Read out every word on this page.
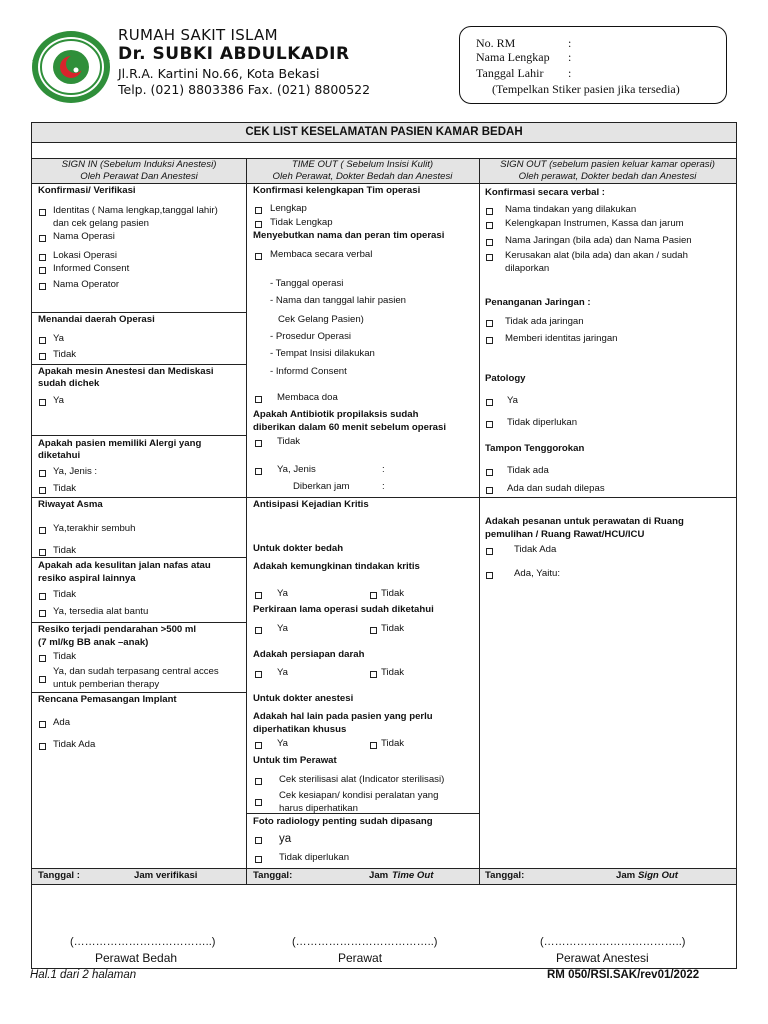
RUMAH SAKIT ISLAM
Dr. SUBKI ABDULKADIR
Jl.R.A. Kartini No.66, Kota Bekasi
Telp. (021) 8803386 Fax. (021) 8800522
No. RM	:
Nama Lengkap :
Tanggal Lahir :
(Tempelkan Stiker pasien jika tersedia)
CEK LIST KESELAMATAN PASIEN KAMAR BEDAH
SIGN IN (Sebelum Induksi Anestesi)
Oleh Perawat Dan Anestesi
TIME OUT ( Sebelum Insisi Kulit)
Oleh Perawat, Dokter Bedah dan Anestesi
SIGN OUT (sebelum pasien keluar kamar operasi)
Oleh perawat, Dokter bedah dan Anestesi
Konfirmasi/ Verifikasi
Identitas ( Nama lengkap,tanggal lahir)
dan cek gelang pasien
Nama Operasi
Lokasi Operasi
Informed Consent
Nama Operator
Menandai daerah Operasi
Ya
Tidak
Apakah mesin Anestesi dan Mediskasi
sudah dichek
Ya
Apakah pasien memiliki Alergi yang
diketahui
Ya, Jenis :
Tidak
Riwayat Asma
Ya,terakhir sembuh
Tidak
Apakah ada kesulitan jalan nafas atau
resiko aspiral lainnya
Tidak
Ya, tersedia alat bantu
Resiko terjadi pendarahan >500 ml
(7 ml/kg BB anak –anak)
Tidak
Ya, dan sudah terpasang central acces
untuk pemberian therapy
Rencana Pemasangan Implant
Ada
Tidak Ada
Tanggal :	Jam verifikasi
Konfirmasi kelengkapan Tim operasi
Lengkap
Tidak Lengkap
Menyebutkan nama dan peran tim operasi
Membaca secara verbal
- Tanggal operasi
- Nama dan tanggal lahir pasien
Cek Gelang Pasien)
- Prosedur Operasi
- Tempat Insisi dilakukan
- Informd Consent
Membaca doa
Apakah Antibiotik propilaksis sudah
diberikan dalam 60 menit sebelum operasi
Tidak
Ya, Jenis	:
Diberkan jam	:
Antisipasi Kejadian Kritis
Untuk dokter bedah
Adakah kemungkinan tindakan kritis
Ya	Tidak
Perkiraan lama operasi sudah diketahui
Ya	Tidak
Adakah persiapan darah
Ya	Tidak
Untuk dokter anestesi
Adakah hal lain pada pasien yang perlu
diperhatikan khusus
Ya	Tidak
Untuk tim Perawat
Cek sterilisasi alat (Indicator sterilisasi)
Cek kesiapan/ kondisi peralatan yang
harus diperhatikan
Foto radiology penting sudah dipasang
ya
Tidak diperlukan
Tanggal:	Jam Time Out
Konfirmasi secara verbal :
Nama tindakan yang dilakukan
Kelengkapan Instrumen, Kassa dan jarum
Nama Jaringan (bila ada) dan Nama Pasien
Kerusakan alat (bila ada) dan akan / sudah
dilaporkan
Penanganan Jaringan :
Tidak ada jaringan
Memberi identitas jaringan
Patology
Ya
Tidak diperlukan
Tampon Tenggorokan
Tidak ada
Ada dan sudah dilepas
Adakah pesanan untuk perawatan di Ruang
pemulihan / Ruang Rawat/HCU/ICU
Tidak Ada
Ada, Yaitu:
Tanggal:	Jam Sign Out
(………………………………..)	(………………………………..)	(………………………………..)
Perawat Bedah	Perawat	Perawat Anestesi
Hal.1 dari 2 halaman	RM 050/RSI.SAK/rev01/2022
